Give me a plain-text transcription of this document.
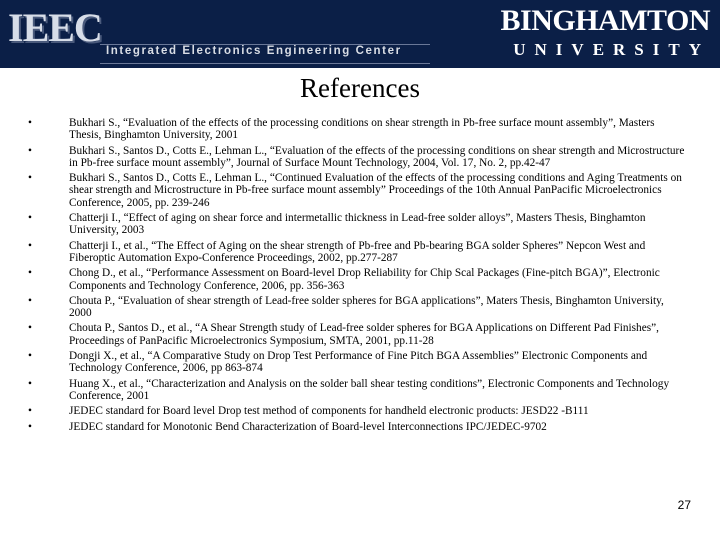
IEEC
Integrated Electronics Engineering Center
BINGHAMTON
UNIVERSITY
References
•	Bukhari S., “Evaluation of the effects of the processing conditions on shear strength in Pb-free surface mount assembly”, Masters Thesis, Binghamton University, 2001
•	Bukhari S., Santos D., Cotts E., Lehman L., “Evaluation of the effects of the processing conditions on shear strength and Microstructure in Pb-free surface mount assembly”, Journal of Surface Mount Technology, 2004, Vol. 17, No. 2, pp.42-47
•	Bukhari S., Santos D., Cotts E., Lehman L., “Continued Evaluation of the effects of the processing conditions and Aging Treatments on shear strength and Microstructure in Pb-free surface mount assembly” Proceedings of the 10th Annual PanPacific Microelectronics Conference, 2005, pp. 239-246
•	Chatterji I., “Effect of aging on shear force and intermetallic thickness in Lead-free solder alloys”, Masters Thesis, Binghamton University, 2003
•	Chatterji I., et al., “The Effect of Aging on the shear strength of Pb-free and Pb-bearing BGA solder Spheres” Nepcon West and Fiberoptic Automation Expo-Conference Proceedings, 2002, pp.277-287
•	Chong D., et al., “Performance Assessment on Board-level Drop Reliability for Chip Scal Packages (Fine-pitch BGA)”, Electronic Components and Technology Conference, 2006, pp. 356-363
•	Chouta P., “Evaluation of shear strength of Lead-free solder spheres for BGA applications”, Maters Thesis, Binghamton University, 2000
•	Chouta P., Santos D., et al., “A Shear Strength study of Lead-free solder spheres for BGA Applications on Different Pad Finishes”, Proceedings of PanPacific Microelectronics Symposium, SMTA, 2001, pp.11-28
•	Dongji X., et al., “A Comparative Study on Drop Test Performance of Fine Pitch BGA Assemblies” Electronic Components and Technology Conference, 2006, pp 863-874
•	Huang X., et al., “Characterization and Analysis on the solder ball shear testing conditions”, Electronic Components and Technology Conference, 2001
•	JEDEC standard for Board level Drop test method of components for handheld electronic products: JESD22 -B111
•	JEDEC standard for Monotonic Bend Characterization of Board-level Interconnections IPC/JEDEC-9702
27
